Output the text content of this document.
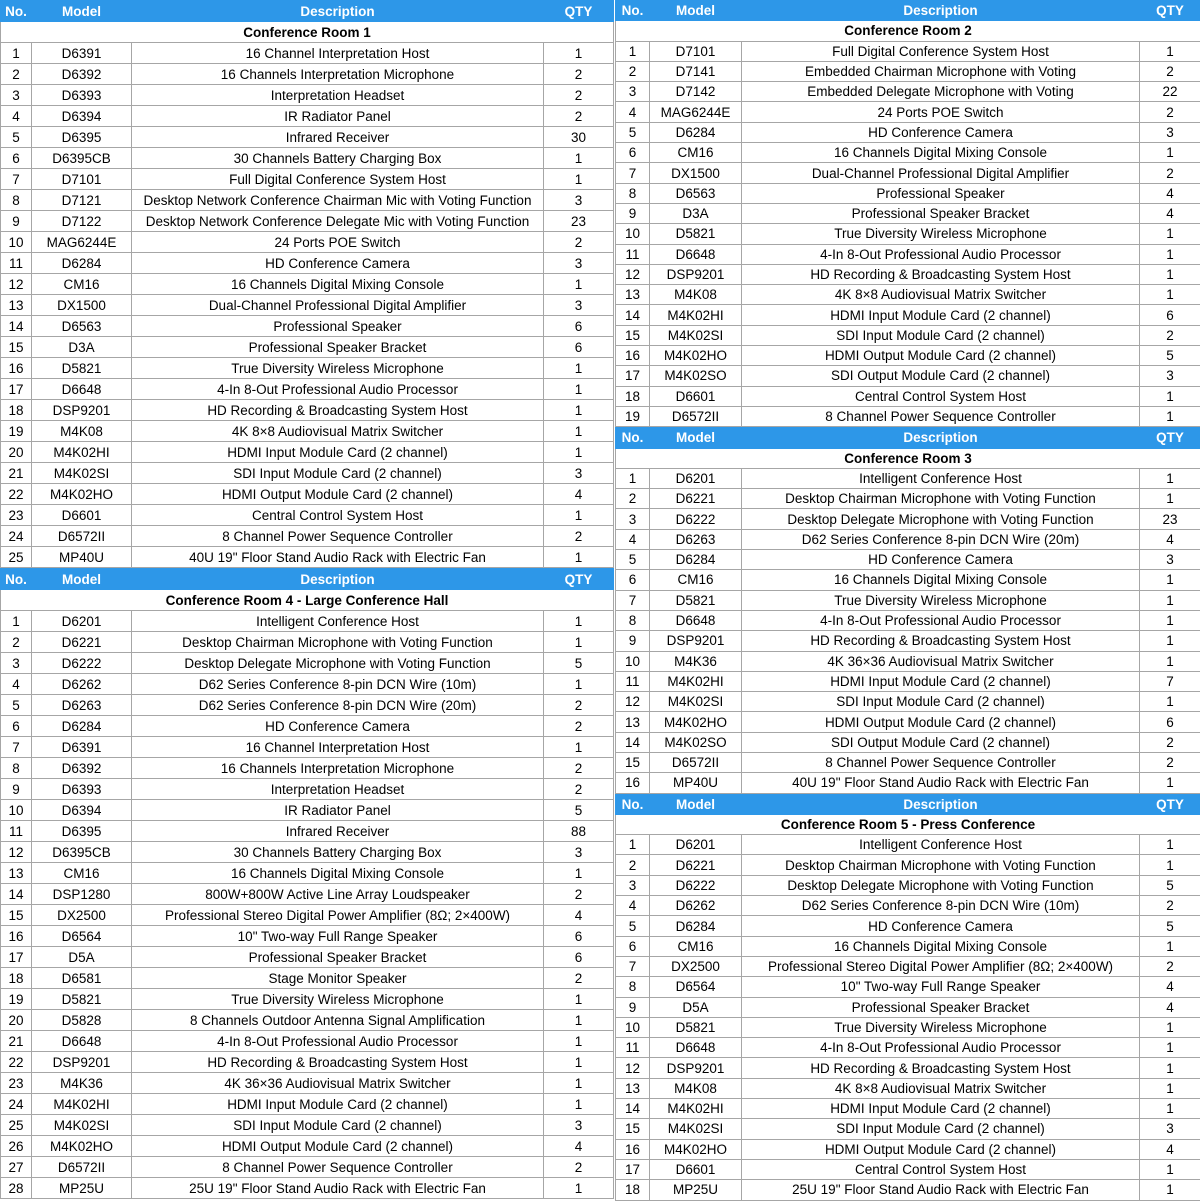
No.	Model	Description	QTY
Conference Room 1			
1	D6391	16 Channel Interpretation Host	1
2	D6392	16 Channels Interpretation Microphone	2
3	D6393	Interpretation Headset	2
4	D6394	IR Radiator Panel	2
5	D6395	Infrared Receiver	30
6	D6395CB	30 Channels Battery Charging Box	1
7	D7101	Full Digital Conference System Host	1
8	D7121	Desktop Network Conference Chairman Mic with Voting Function	3
9	D7122	Desktop Network Conference Delegate Mic with Voting Function	23
10	MAG6244E	24 Ports POE Switch	2
11	D6284	HD Conference Camera	3
12	CM16	16 Channels Digital Mixing Console	1
13	DX1500	Dual-Channel Professional Digital Amplifier	3
14	D6563	Professional Speaker	6
15	D3A	Professional Speaker Bracket	6
16	D5821	True Diversity Wireless Microphone	1
17	D6648	4-In 8-Out Professional Audio Processor	1
18	DSP9201	HD Recording & Broadcasting System Host	1
19	M4K08	4K 8×8 Audiovisual Matrix Switcher	1
20	M4K02HI	HDMI Input Module Card (2 channel)	1
21	M4K02SI	SDI Input Module Card (2 channel)	3
22	M4K02HO	HDMI Output Module Card (2 channel)	4
23	D6601	Central Control System Host	1
24	D6572II	8 Channel Power Sequence Controller	2
25	MP40U	40U 19" Floor Stand Audio Rack with Electric Fan	1
No.	Model	Description	QTY
Conference Room 4 - Large Conference Hall			
1	D6201	Intelligent Conference Host	1
2	D6221	Desktop Chairman Microphone with Voting Function	1
3	D6222	Desktop Delegate Microphone with Voting Function	5
4	D6262	D62 Series Conference 8-pin DCN Wire (10m)	1
5	D6263	D62 Series Conference 8-pin DCN Wire (20m)	2
6	D6284	HD Conference Camera	2
7	D6391	16 Channel Interpretation Host	1
8	D6392	16 Channels Interpretation Microphone	2
9	D6393	Interpretation Headset	2
10	D6394	IR Radiator Panel	5
11	D6395	Infrared Receiver	88
12	D6395CB	30 Channels Battery Charging Box	3
13	CM16	16 Channels Digital Mixing Console	1
14	DSP1280	800W+800W Active Line Array Loudspeaker	2
15	DX2500	Professional Stereo Digital Power Amplifier (8Ω; 2×400W)	4
16	D6564	10" Two-way Full Range Speaker	6
17	D5A	Professional Speaker Bracket	6
18	D6581	Stage Monitor Speaker	2
19	D5821	True Diversity Wireless Microphone	1
20	D5828	8 Channels Outdoor Antenna Signal Amplification	1
21	D6648	4-In 8-Out Professional Audio Processor	1
22	DSP9201	HD Recording & Broadcasting System Host	1
23	M4K36	4K 36×36 Audiovisual Matrix Switcher	1
24	M4K02HI	HDMI Input Module Card (2 channel)	1
25	M4K02SI	SDI Input Module Card (2 channel)	3
26	M4K02HO	HDMI Output Module Card (2 channel)	4
27	D6572II	8 Channel Power Sequence Controller	2
28	MP25U	25U 19" Floor Stand Audio Rack with Electric Fan	1
No.	Model	Description	QTY
Conference Room 2			
1	D7101	Full Digital Conference System Host	1
2	D7141	Embedded Chairman Microphone with Voting	2
3	D7142	Embedded Delegate Microphone with Voting	22
4	MAG6244E	24 Ports POE Switch	2
5	D6284	HD Conference Camera	3
6	CM16	16 Channels Digital Mixing Console	1
7	DX1500	Dual-Channel Professional Digital Amplifier	2
8	D6563	Professional Speaker	4
9	D3A	Professional Speaker Bracket	4
10	D5821	True Diversity Wireless Microphone	1
11	D6648	4-In 8-Out Professional Audio Processor	1
12	DSP9201	HD Recording & Broadcasting System Host	1
13	M4K08	4K 8×8 Audiovisual Matrix Switcher	1
14	M4K02HI	HDMI Input Module Card (2 channel)	6
15	M4K02SI	SDI Input Module Card (2 channel)	2
16	M4K02HO	HDMI Output Module Card (2 channel)	5
17	M4K02SO	SDI Output Module Card (2 channel)	3
18	D6601	Central Control System Host	1
19	D6572II	8 Channel Power Sequence Controller	1
No.	Model	Description	QTY
Conference Room 3			
1	D6201	Intelligent Conference Host	1
2	D6221	Desktop Chairman Microphone with Voting Function	1
3	D6222	Desktop Delegate Microphone with Voting Function	23
4	D6263	D62 Series Conference 8-pin DCN Wire (20m)	4
5	D6284	HD Conference Camera	3
6	CM16	16 Channels Digital Mixing Console	1
7	D5821	True Diversity Wireless Microphone	1
8	D6648	4-In 8-Out Professional Audio Processor	1
9	DSP9201	HD Recording & Broadcasting System Host	1
10	M4K36	4K 36×36 Audiovisual Matrix Switcher	1
11	M4K02HI	HDMI Input Module Card (2 channel)	7
12	M4K02SI	SDI Input Module Card (2 channel)	1
13	M4K02HO	HDMI Output Module Card (2 channel)	6
14	M4K02SO	SDI Output Module Card (2 channel)	2
15	D6572II	8 Channel Power Sequence Controller	2
16	MP40U	40U 19" Floor Stand Audio Rack with Electric Fan	1
No.	Model	Description	QTY
Conference Room 5 - Press Conference			
1	D6201	Intelligent Conference Host	1
2	D6221	Desktop Chairman Microphone with Voting Function	1
3	D6222	Desktop Delegate Microphone with Voting Function	5
4	D6262	D62 Series Conference 8-pin DCN Wire (10m)	2
5	D6284	HD Conference Camera	5
6	CM16	16 Channels Digital Mixing Console	1
7	DX2500	Professional Stereo Digital Power Amplifier (8Ω; 2×400W)	2
8	D6564	10" Two-way Full Range Speaker	4
9	D5A	Professional Speaker Bracket	4
10	D5821	True Diversity Wireless Microphone	1
11	D6648	4-In 8-Out Professional Audio Processor	1
12	DSP9201	HD Recording & Broadcasting System Host	1
13	M4K08	4K 8×8 Audiovisual Matrix Switcher	1
14	M4K02HI	HDMI Input Module Card (2 channel)	1
15	M4K02SI	SDI Input Module Card (2 channel)	3
16	M4K02HO	HDMI Output Module Card (2 channel)	4
17	D6601	Central Control System Host	1
18	MP25U	25U 19" Floor Stand Audio Rack with Electric Fan	1
